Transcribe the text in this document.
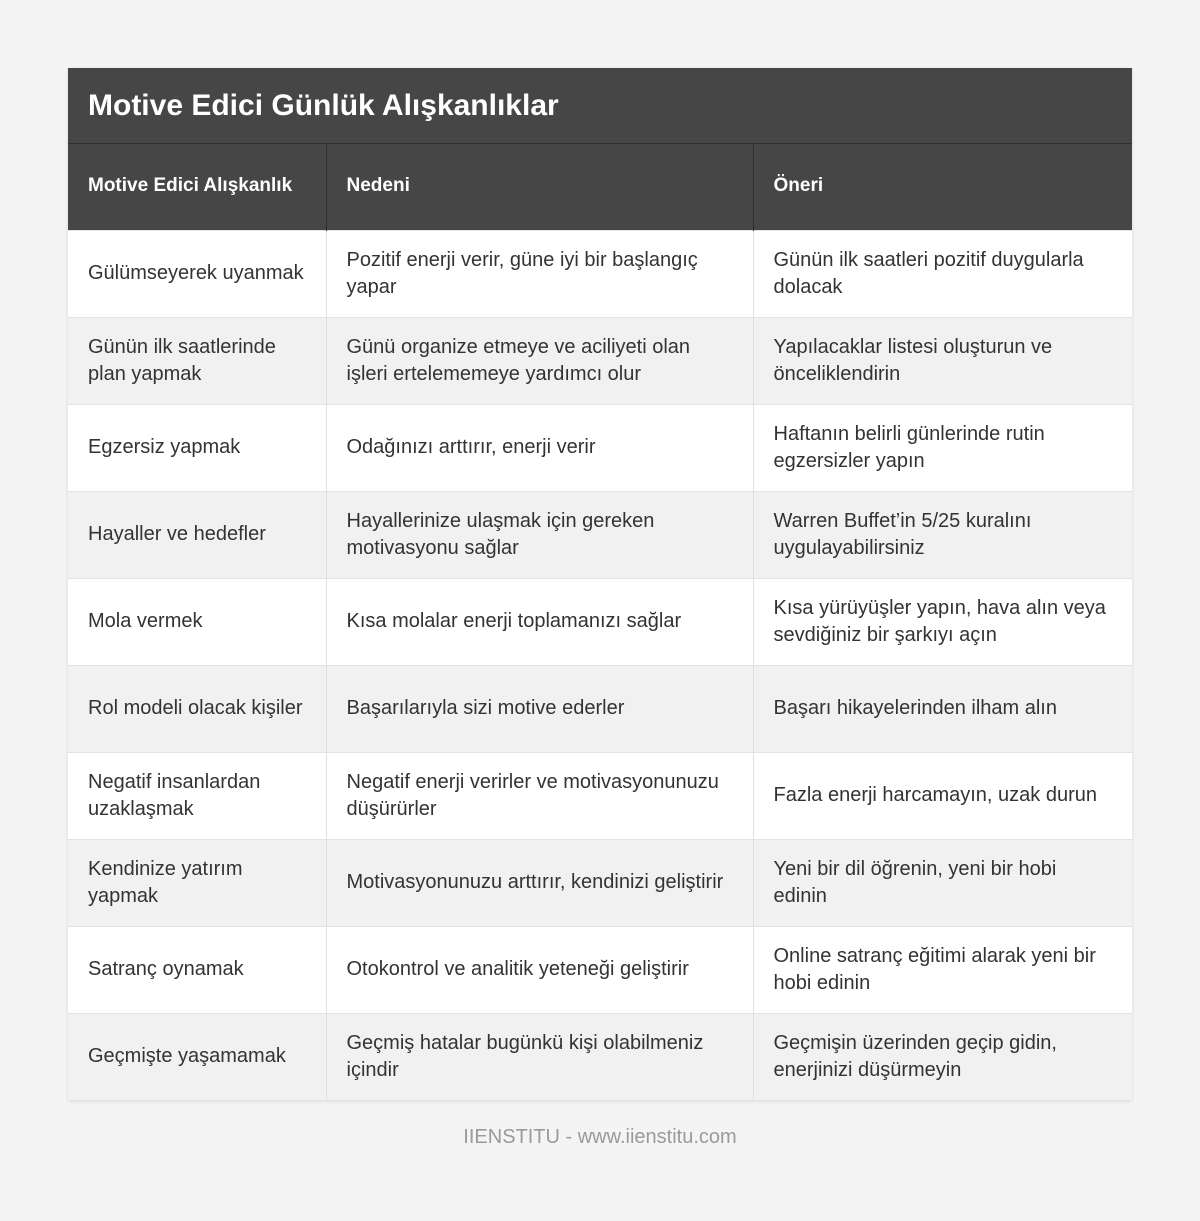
Motive Edici Günlük Alışkanlıklar
Motive Edici Alışkanlık	Nedeni	Öneri
Gülümseyerek uyanmak	Pozitif enerji verir, güne iyi bir başlangıç yapar	Günün ilk saatleri pozitif duygularla dolacak
Günün ilk saatlerinde plan yapmak	Günü organize etmeye ve aciliyeti olan işleri ertelememeye yardımcı olur	Yapılacaklar listesi oluşturun ve önceliklendirin
Egzersiz yapmak	Odağınızı arttırır, enerji verir	Haftanın belirli günlerinde rutin egzersizler yapın
Hayaller ve hedefler	Hayallerinize ulaşmak için gereken motivasyonu sağlar	Warren Buffet’in 5/25 kuralını uygulayabilirsiniz
Mola vermek	Kısa molalar enerji toplamanızı sağlar	Kısa yürüyüşler yapın, hava alın veya sevdiğiniz bir şarkıyı açın
Rol modeli olacak kişiler	Başarılarıyla sizi motive ederler	Başarı hikayelerinden ilham alın
Negatif insanlardan uzaklaşmak	Negatif enerji verirler ve motivasyonunuzu düşürürler	Fazla enerji harcamayın, uzak durun
Kendinize yatırım yapmak	Motivasyonunuzu arttırır, kendinizi geliştirir	Yeni bir dil öğrenin, yeni bir hobi edinin
Satranç oynamak	Otokontrol ve analitik yeteneği geliştirir	Online satranç eğitimi alarak yeni bir hobi edinin
Geçmişte yaşamamak	Geçmiş hatalar bugünkü kişi olabilmeniz içindir	Geçmişin üzerinden geçip gidin, enerjinizi düşürmeyin
IIENSTITU - www.iienstitu.com
